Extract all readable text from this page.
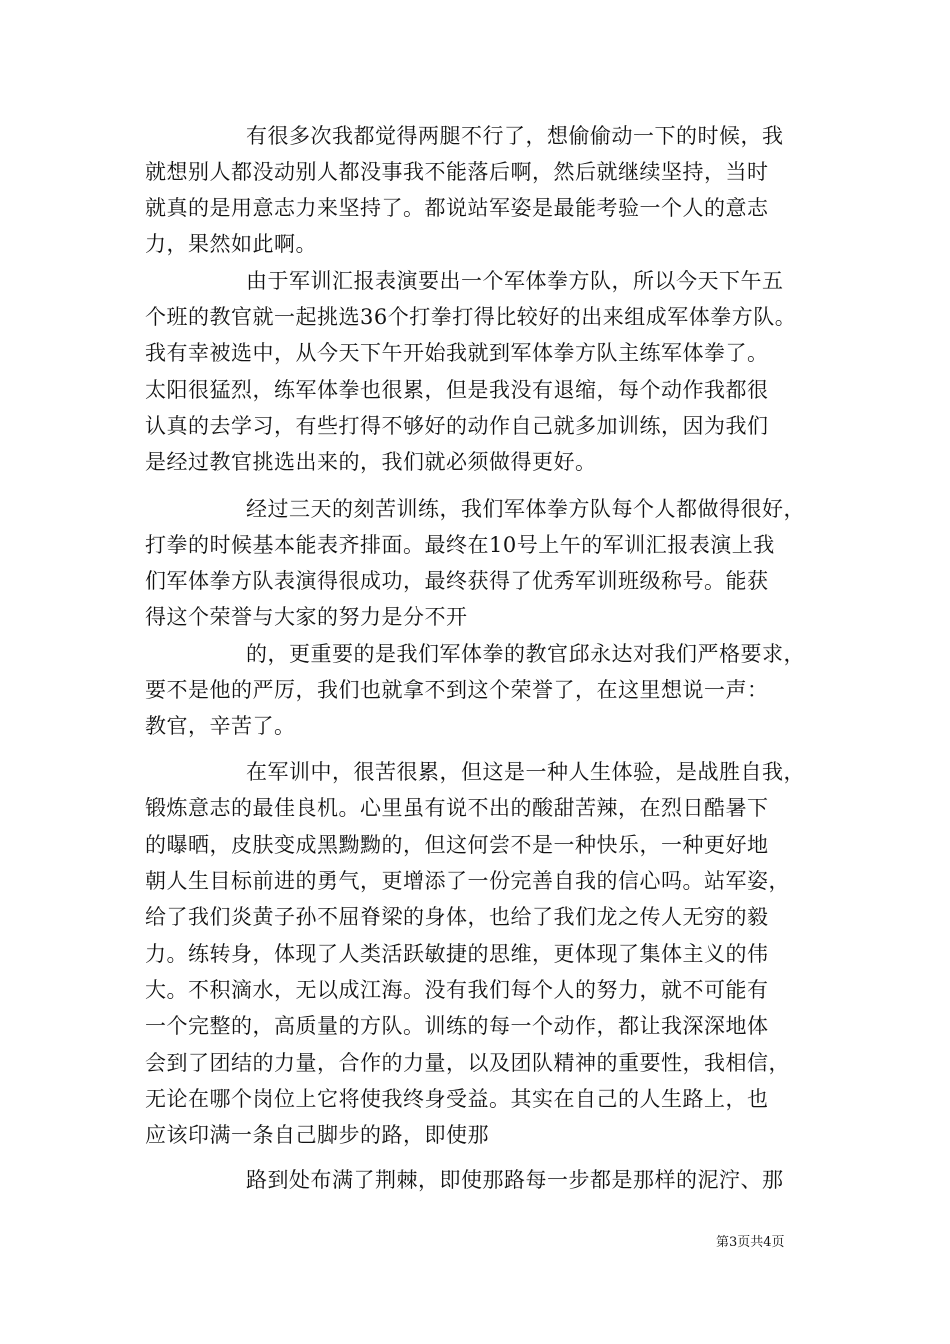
有很多次我都觉得两腿不行了，想偷偷动一下的时候，我
就想别人都没动别人都没事我不能落后啊，然后就继续坚持，当时
就真的是用意志力来坚持了。都说站军姿是最能考验一个人的意志
力，果然如此啊。
由于军训汇报表演要出一个军体拳方队，所以今天下午五
个班的教官就一起挑选36个打拳打得比较好的出来组成军体拳方队。
我有幸被选中，从今天下午开始我就到军体拳方队主练军体拳了。
太阳很猛烈，练军体拳也很累，但是我没有退缩，每个动作我都很
认真的去学习，有些打得不够好的动作自己就多加训练，因为我们
是经过教官挑选出来的，我们就必须做得更好。
经过三天的刻苦训练，我们军体拳方队每个人都做得很好，
打拳的时候基本能表齐排面。最终在10号上午的军训汇报表演上我
们军体拳方队表演得很成功，最终获得了优秀军训班级称号。能获
得这个荣誉与大家的努力是分不开
的，更重要的是我们军体拳的教官邱永达对我们严格要求，
要不是他的严厉，我们也就拿不到这个荣誉了，在这里想说一声：
教官，辛苦了。
在军训中，很苦很累，但这是一种人生体验，是战胜自我，
锻炼意志的最佳良机。心里虽有说不出的酸甜苦辣，在烈日酷暑下
的曝晒，皮肤变成黑黝黝的，但这何尝不是一种快乐，一种更好地
朝人生目标前进的勇气，更增添了一份完善自我的信心吗。站军姿，
给了我们炎黄子孙不屈脊梁的身体，也给了我们龙之传人无穷的毅
力。练转身，体现了人类活跃敏捷的思维，更体现了集体主义的伟
大。不积滴水，无以成江海。没有我们每个人的努力，就不可能有
一个完整的，高质量的方队。训练的每一个动作，都让我深深地体
会到了团结的力量，合作的力量，以及团队精神的重要性，我相信，
无论在哪个岗位上它将使我终身受益。其实在自己的人生路上，也
应该印满一条自己脚步的路，即使那
路到处布满了荆棘，即使那路每一步都是那样的泥泞、那
第3页共4页
